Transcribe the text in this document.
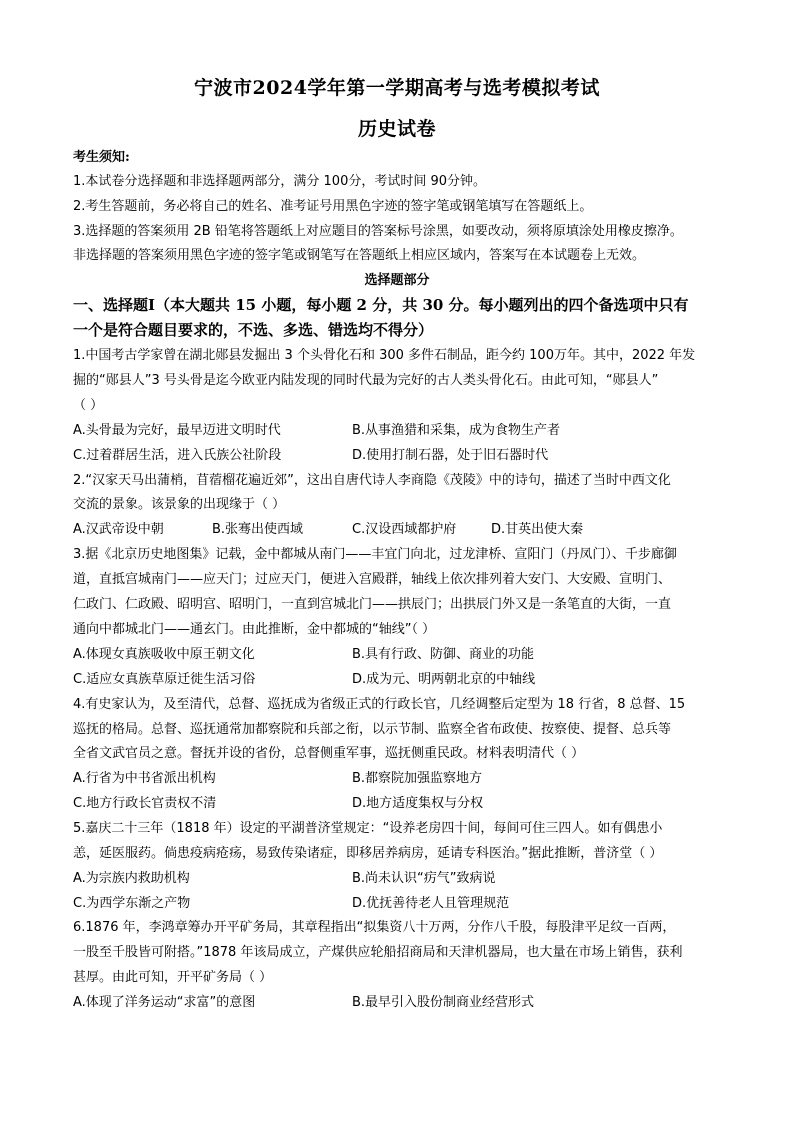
宁波市2024学年第一学期高考与选考模拟考试
历史试卷
考生须知:
1.本试卷分选择题和非选择题两部分，满分 100分，考试时间 90分钟。
2.考生答题前，务必将自己的姓名、准考证号用黑色字迹的签字笔或钢笔填写在答题纸上。
3.选择题的答案须用 2B 铅笔将答题纸上对应题目的答案标号涂黑，如要改动，须将原填涂处用橡皮擦净。
非选择题的答案须用黑色字迹的签字笔或钢笔写在答题纸上相应区域内，答案写在本试题卷上无效。
选择题部分
一、选择题Ⅰ（本大题共 15 小题，每小题 2 分，共 30 分。每小题列出的四个备选项中只有
一个是符合题目要求的，不选、多选、错选均不得分）
1.中国考古学家曾在湖北郧县发掘出 3 个头骨化石和 300 多件石制品，距今约 100万年。其中，2022 年发
掘的“郧县人”3 号头骨是迄今欧亚内陆发现的同时代最为完好的古人类头骨化石。由此可知，“郧县人”
（ ）
A.头骨最为完好，最早迈进文明时代	B.从事渔猎和采集，成为食物生产者
C.过着群居生活，进入氏族公社阶段	D.使用打制石器，处于旧石器时代
2.“汉家天马出蒲梢，苜蓿榴花遍近郊”，这出自唐代诗人李商隐《茂陵》中的诗句，描述了当时中西文化
交流的景象。该景象的出现缘于（ ）
A.汉武帝设中朝	B.张骞出使西域	C.汉设西域都护府	D.甘英出使大秦
3.据《北京历史地图集》记载，金中都城从南门——丰宜门向北，过龙津桥、宣阳门（丹凤门）、千步廊御
道，直抵宫城南门——应天门；过应天门，便进入宫殿群，轴线上依次排列着大安门、大安殿、宣明门、
仁政门、仁政殿、昭明宫、昭明门，一直到宫城北门——拱辰门；出拱辰门外又是一条笔直的大街，一直
通向中都城北门——通玄门。由此推断，金中都城的“轴线”（ ）
A.体现女真族吸收中原王朝文化	B.具有行政、防御、商业的功能
C.适应女真族草原迁徙生活习俗	D.成为元、明两朝北京的中轴线
4.有史家认为，及至清代，总督、巡抚成为省级正式的行政长官，几经调整后定型为 18 行省，8 总督、15
巡抚的格局。总督、巡抚通常加都察院和兵部之衔，以示节制、监察全省布政使、按察使、提督、总兵等
全省文武官员之意。督抚并设的省份，总督侧重军事，巡抚侧重民政。材料表明清代（ ）
A.行省为中书省派出机构	B.都察院加强监察地方
C.地方行政长官责权不清	D.地方适度集权与分权
5.嘉庆二十三年（1818 年）设定的平湖普济堂规定：“设养老房四十间，每间可住三四人。如有偶患小
恙，延医服药。倘患疫病疮疡，易致传染诸症，即移居养病房，延请专科医治。”据此推断，普济堂（ ）
A.为宗族内救助机构	B.尚未认识“疠气”致病说
C.为西学东渐之产物	D.优抚善待老人且管理规范
6.1876 年，李鸿章筹办开平矿务局，其章程指出“拟集资八十万两，分作八千股，每股津平足纹一百两，
一股至千股皆可附搭。”1878 年该局成立，产煤供应轮船招商局和天津机器局，也大量在市场上销售，获利
甚厚。由此可知，开平矿务局（ ）
A.体现了洋务运动“求富”的意图	B.最早引入股份制商业经营形式
